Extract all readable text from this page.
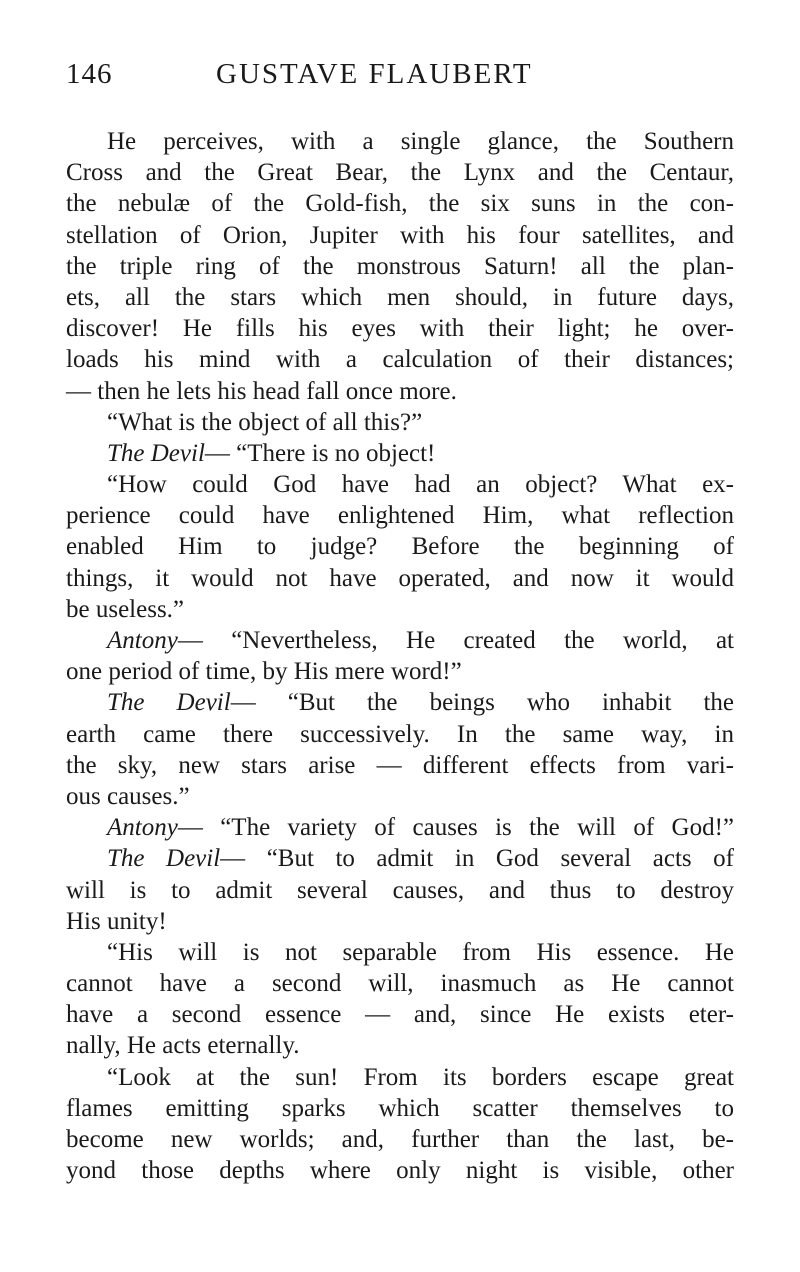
146	GUSTAVE FLAUBERT
He perceives, with a single glance, the Southern
Cross and the Great Bear, the Lynx and the Centaur,
the nebulæ of the Gold-fish, the six suns in the con-
stellation of Orion, Jupiter with his four satellites, and
the triple ring of the monstrous Saturn! all the plan-
ets, all the stars which men should, in future days,
discover! He fills his eyes with their light; he over-
loads his mind with a calculation of their distances;
— then he lets his head fall once more.
“What is the object of all this?”
The Devil— “There is no object!
“How could God have had an object? What ex-
perience could have enlightened Him, what reflection
enabled Him to judge? Before the beginning of
things, it would not have operated, and now it would
be useless.”
Antony— “Nevertheless, He created the world, at
one period of time, by His mere word!”
The Devil— “But the beings who inhabit the
earth came there successively. In the same way, in
the sky, new stars arise — different effects from vari-
ous causes.”
Antony— “The variety of causes is the will of God!”
The Devil— “But to admit in God several acts of
will is to admit several causes, and thus to destroy
His unity!
“His will is not separable from His essence. He
cannot have a second will, inasmuch as He cannot
have a second essence — and, since He exists eter-
nally, He acts eternally.
“Look at the sun! From its borders escape great
flames emitting sparks which scatter themselves to
become new worlds; and, further than the last, be-
yond those depths where only night is visible, other
